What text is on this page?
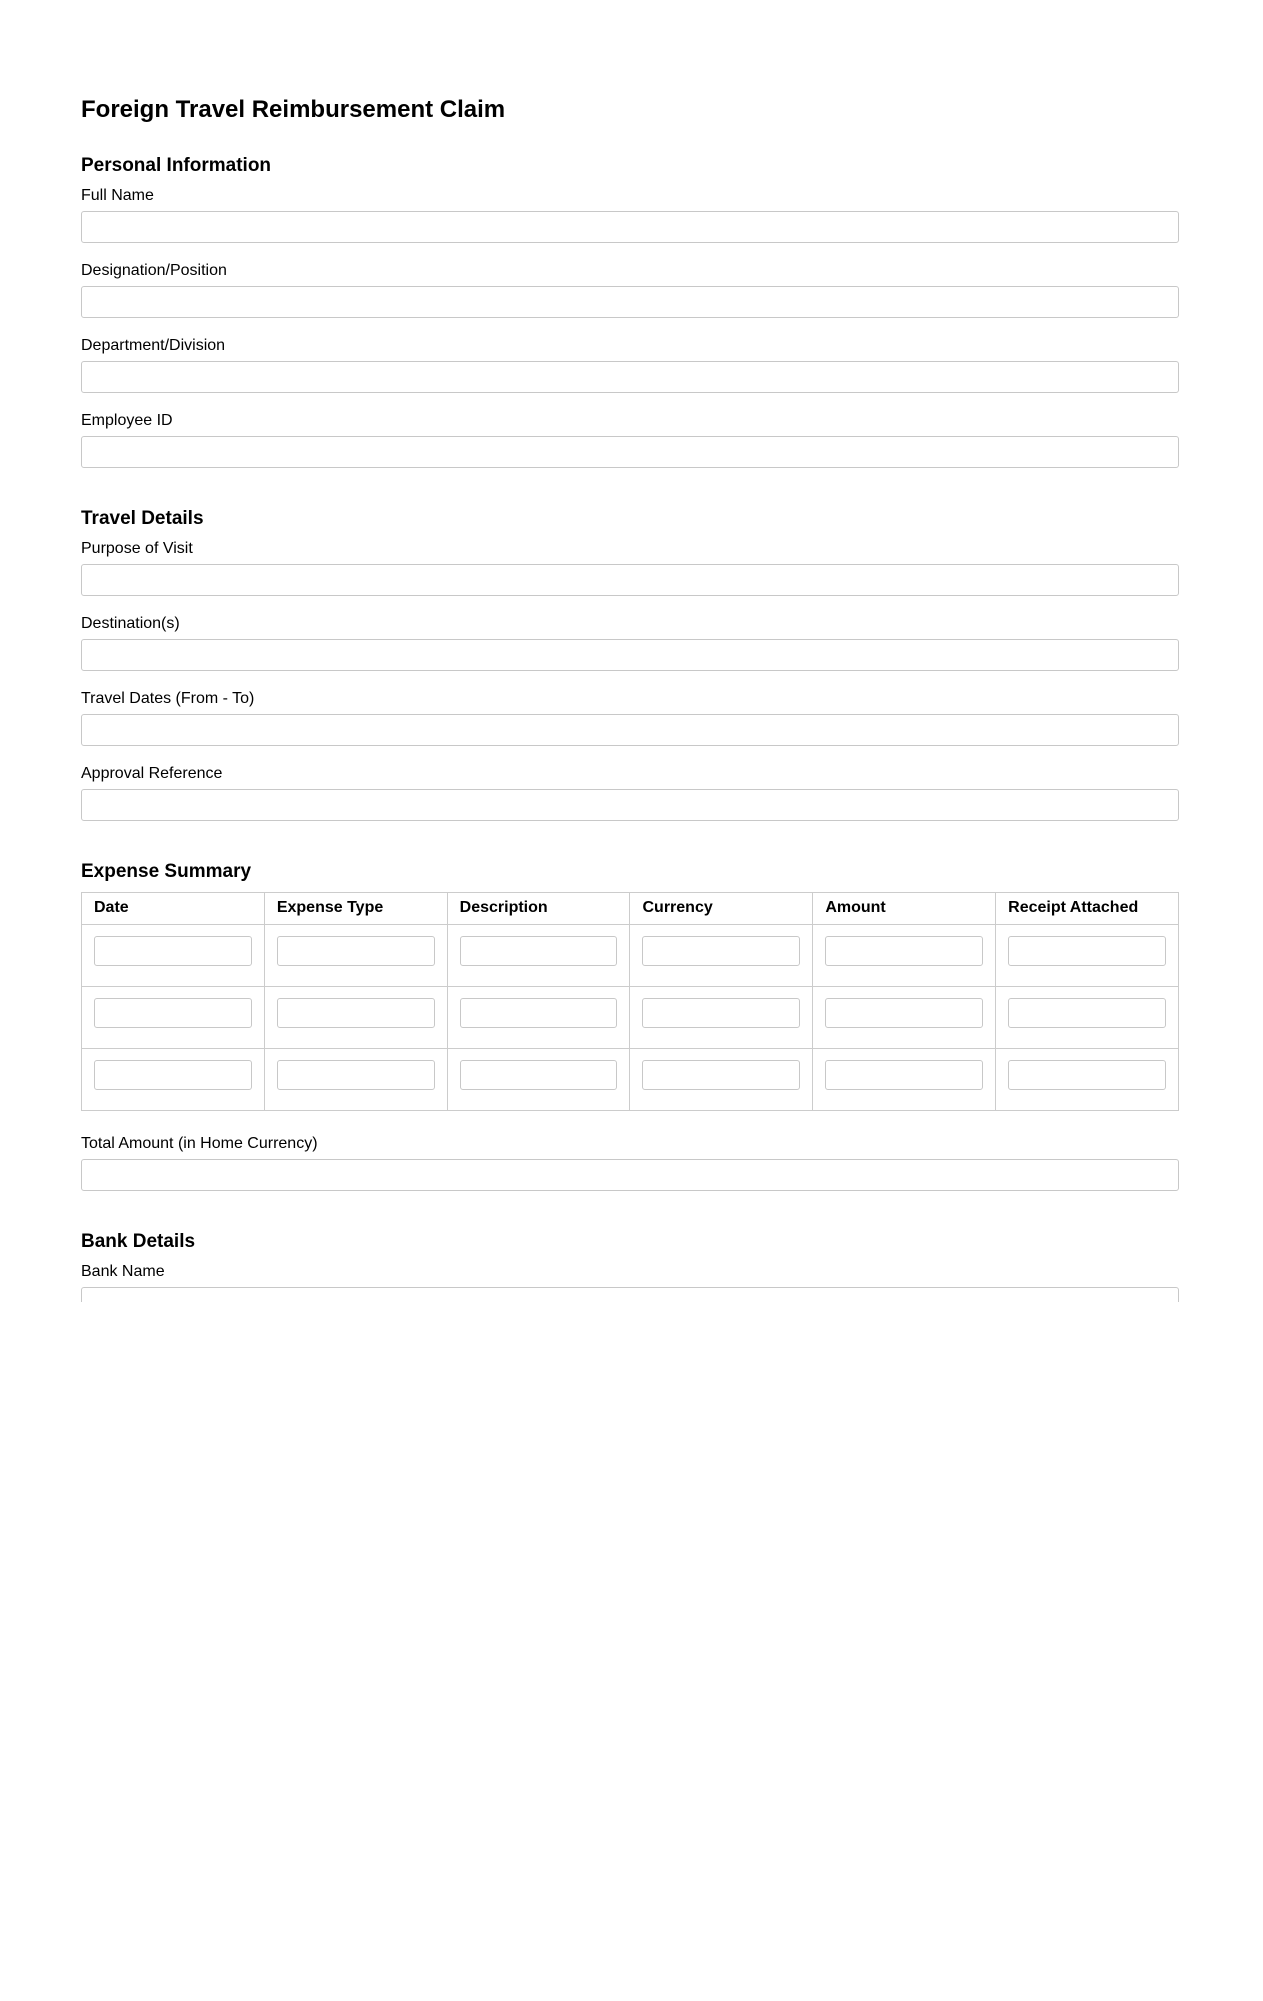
Foreign Travel Reimbursement Claim
Personal Information
Full Name
Designation/Position
Department/Division
Employee ID
Travel Details
Purpose of Visit
Destination(s)
Travel Dates (From - To)
Approval Reference
Expense Summary
Date	Expense Type	Description	Currency	Amount	Receipt Attached

Total Amount (in Home Currency)
Bank Details
Bank Name
